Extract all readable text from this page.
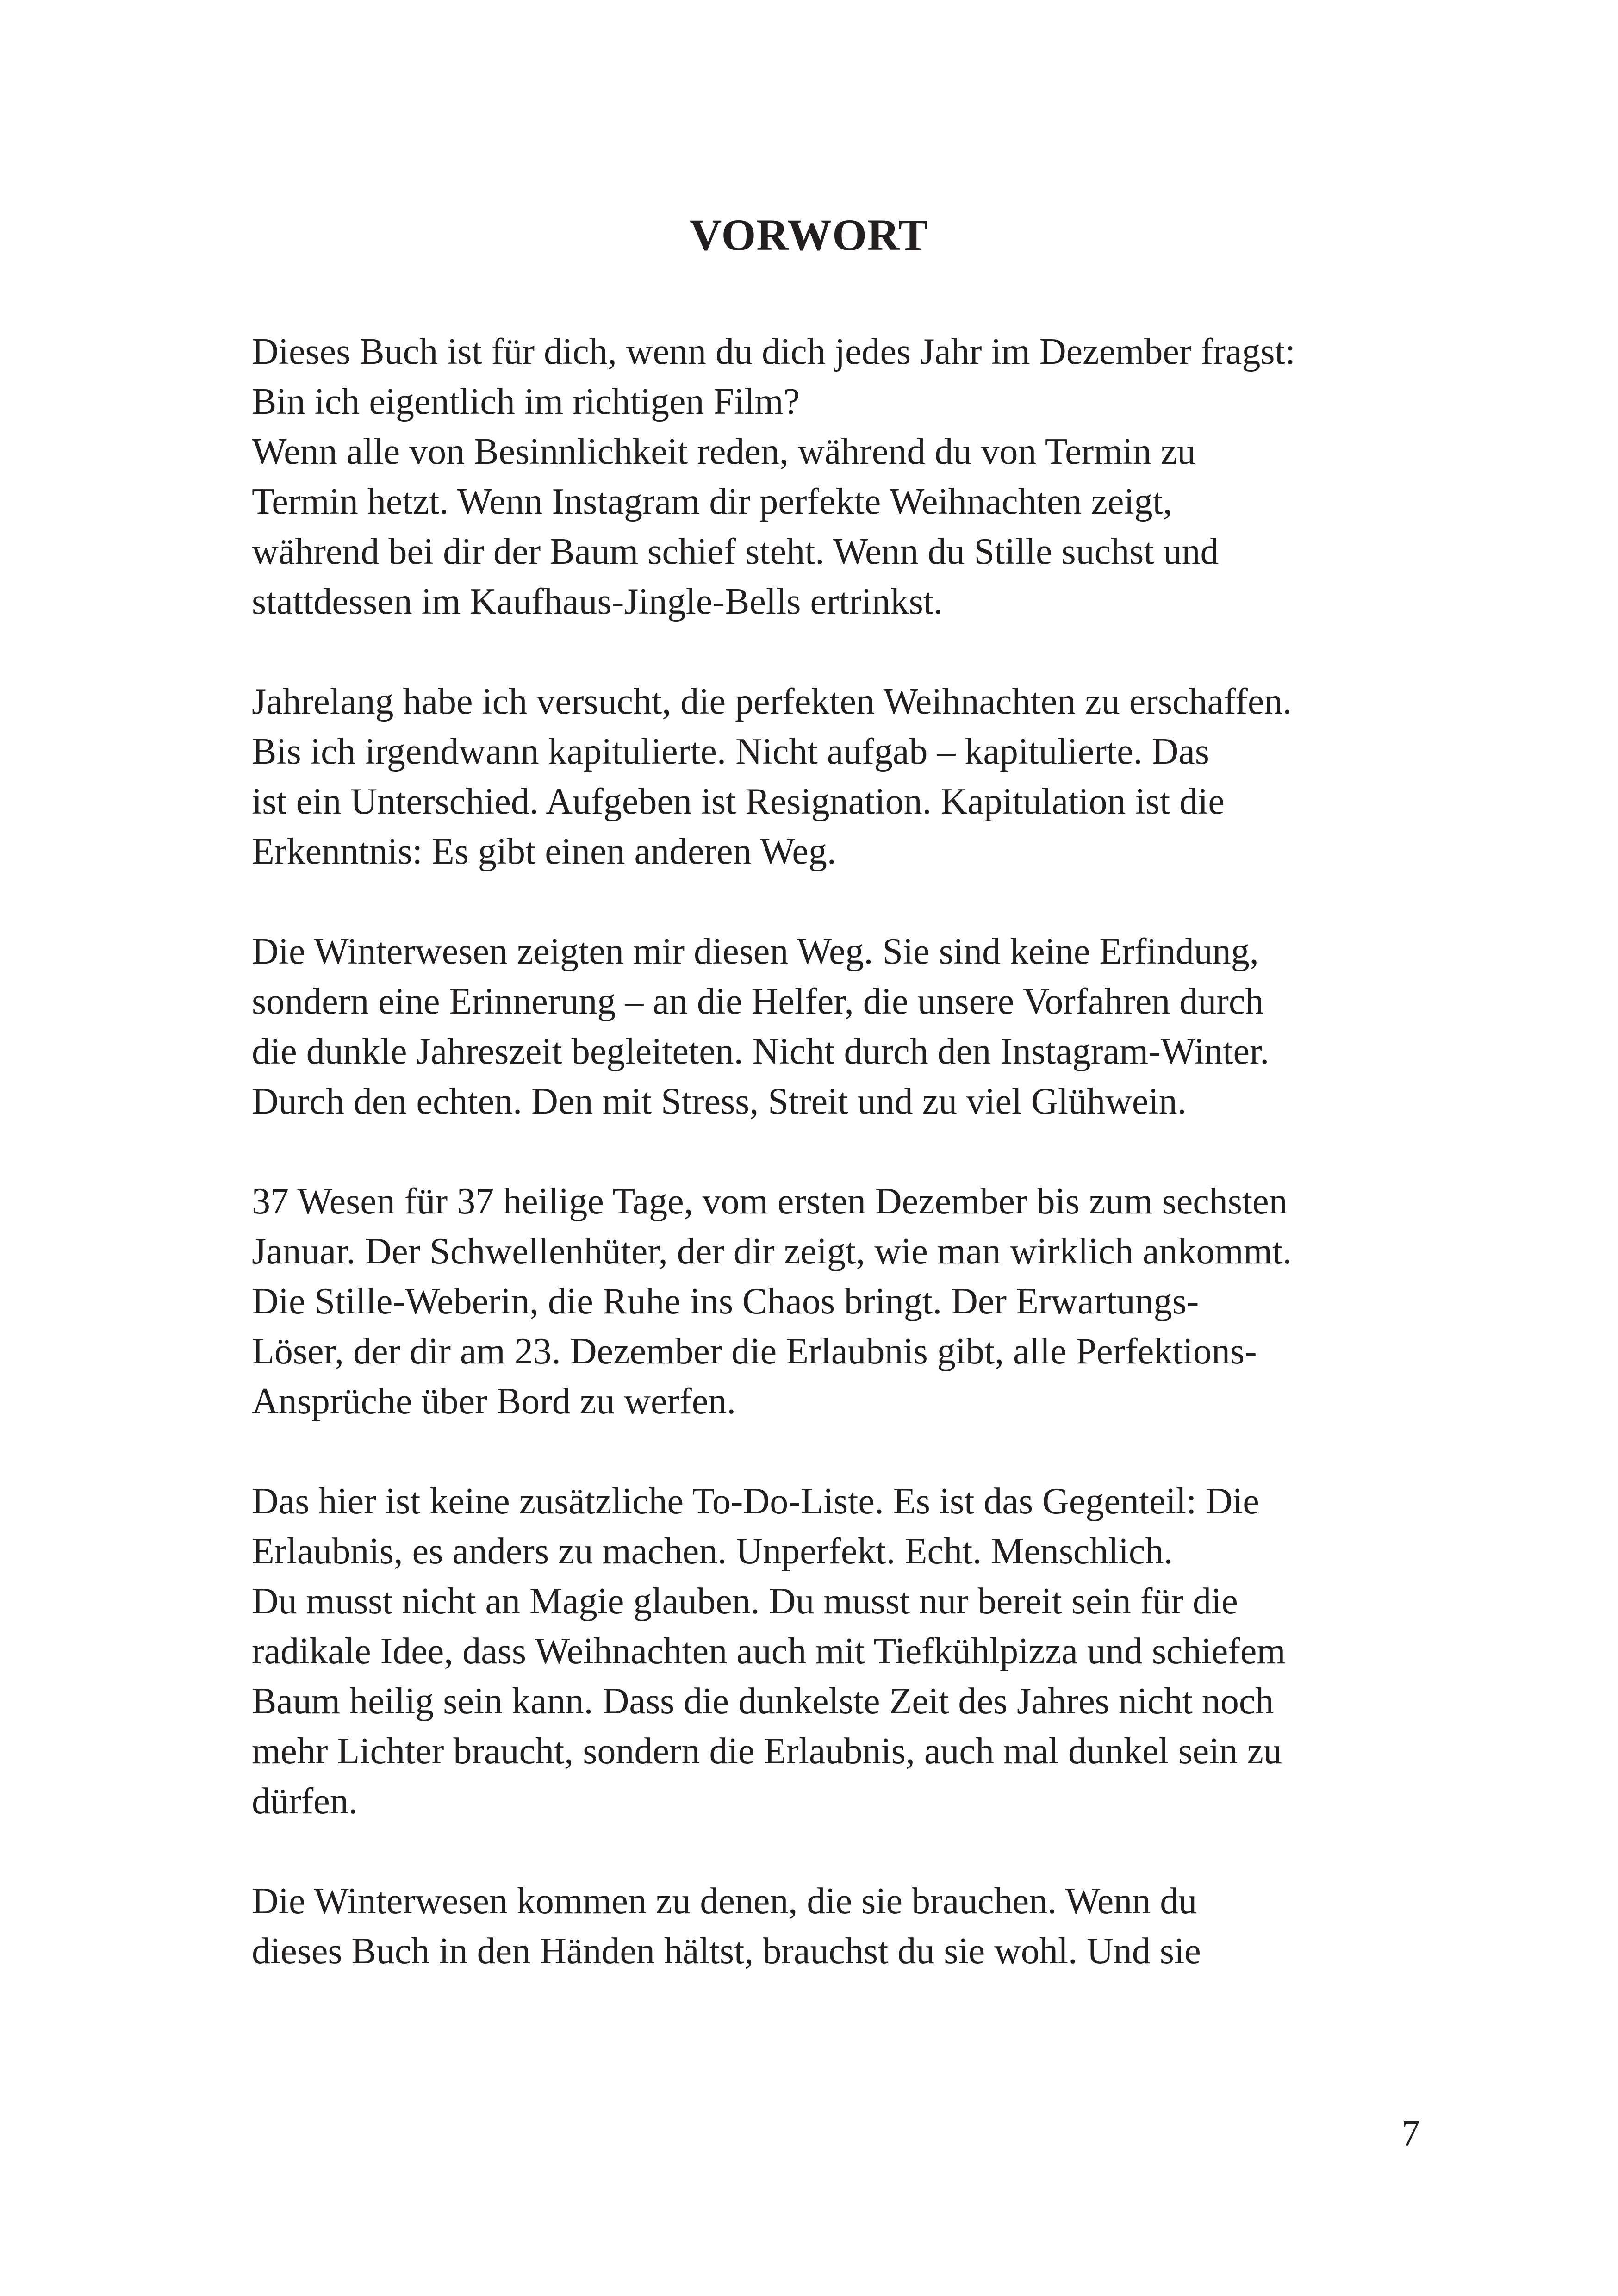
VORWORT
Dieses Buch ist für dich, wenn du dich jedes Jahr im Dezember fragst:
Bin ich eigentlich im richtigen Film?
Wenn alle von Besinnlichkeit reden, während du von Termin zu
Termin hetzt. Wenn Instagram dir perfekte Weihnachten zeigt,
während bei dir der Baum schief steht. Wenn du Stille suchst und
stattdessen im Kaufhaus-Jingle-Bells ertrinkst.
Jahrelang habe ich versucht, die perfekten Weihnachten zu erschaffen.
Bis ich irgendwann kapitulierte. Nicht aufgab – kapitulierte. Das
ist ein Unterschied. Aufgeben ist Resignation. Kapitulation ist die
Erkenntnis: Es gibt einen anderen Weg.
Die Winterwesen zeigten mir diesen Weg. Sie sind keine Erfindung,
sondern eine Erinnerung – an die Helfer, die unsere Vorfahren durch
die dunkle Jahreszeit begleiteten. Nicht durch den Instagram-Winter.
Durch den echten. Den mit Stress, Streit und zu viel Glühwein.
37 Wesen für 37 heilige Tage, vom ersten Dezember bis zum sechsten
Januar. Der Schwellenhüter, der dir zeigt, wie man wirklich ankommt.
Die Stille-Weberin, die Ruhe ins Chaos bringt. Der Erwartungs-
Löser, der dir am 23. Dezember die Erlaubnis gibt, alle Perfektions-
Ansprüche über Bord zu werfen.
Das hier ist keine zusätzliche To-Do-Liste. Es ist das Gegenteil: Die
Erlaubnis, es anders zu machen. Unperfekt. Echt. Menschlich.
Du musst nicht an Magie glauben. Du musst nur bereit sein für die
radikale Idee, dass Weihnachten auch mit Tiefkühlpizza und schiefem
Baum heilig sein kann. Dass die dunkelste Zeit des Jahres nicht noch
mehr Lichter braucht, sondern die Erlaubnis, auch mal dunkel sein zu
dürfen.
Die Winterwesen kommen zu denen, die sie brauchen. Wenn du
dieses Buch in den Händen hältst, brauchst du sie wohl. Und sie
7
